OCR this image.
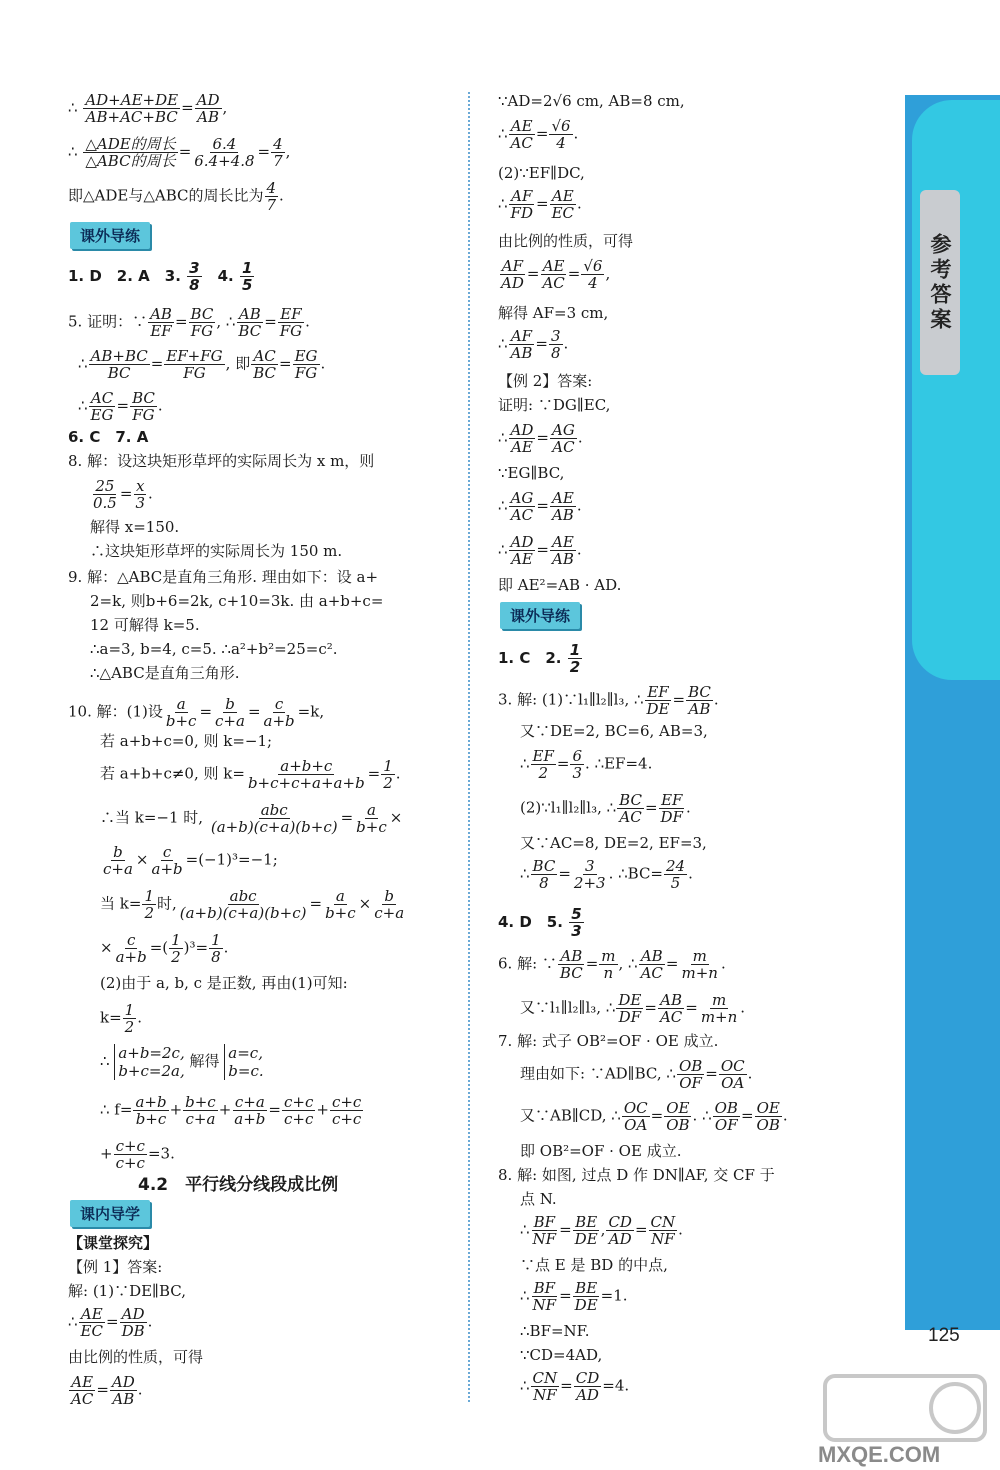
参考答案
125
∴ $\frac{AD+AE+DE}{AB+AC+BC} = \frac{AD}{AB}$ ,
∴ $\frac{\text{△ADE的周长}}{\text{△ABC的周长}} = \frac{6.4}{6.4+4.8} = \frac{4}{7}$ ,
即△ADE与△ABC的周长比为 $\frac{4}{7}$ .
课外导练
1. D　2. A　3. $\frac{3}{8}$ 　4. $\frac{1}{5}$
5. 证明：∵ $\frac{AB}{EF} = \frac{BC}{FG}$ , ∴ $\frac{AB}{BC} = \frac{EF}{FG}$ .
∴ $\frac{AB+BC}{BC} = \frac{EF+FG}{FG}$ , 即 $\frac{AC}{BC} = \frac{EG}{FG}$ .
∴ $\frac{AC}{EG} = \frac{BC}{FG}$ .
6. C　7. A
8. 解：设这块矩形草坪的实际周长为 x m，则
$\frac{25}{0.5} = \frac{x}{3}$ .
解得 x=150.
∴这块矩形草坪的实际周长为 150 m.
9. 解：△ABC是直角三角形. 理由如下：设 a+
2=k, 则b+6=2k, c+10=3k. 由 a+b+c=
12 可解得 k=5.
∴a=3, b=4, c=5. ∴a²+b²=25=c².
∴△ABC是直角三角形.
10. 解：(1)设 $\frac{a}{b+c} = \frac{b}{c+a} = \frac{c}{a+b} =k$,
若 a+b+c=0, 则 k=−1;
若 a+b+c≠0, 则 $k= \frac{a+b+c}{b+c+c+a+a+b} = \frac{1}{2}$ .
∴当 k=−1 时, $\frac{\text{abc}}{(a+b)(c+a)(b+c)} = \frac{a}{b+c}$ ×
$\frac{b}{c+a} \times \frac{c}{a+b} =(-1)^3=-1$;
当 $k= \frac{1}{2}$ 时, $\frac{\text{abc}}{(a+b)(c+a)(b+c)} = \frac{a}{b+c} \times \frac{b}{c+a}$
× $\frac{c}{a+b}$ =( $\frac{1}{2} )^3= \frac{1}{8}$ .
(2)由于 a, b, c 是正数, 再由(1)可知:
$k= \frac{1}{2}$ .
∴ a+b=2c,
b+c=2a,
解得 a=c,
b=c.
∴ $f= \frac{a+b}{b+c} + \frac{b+c}{c+a} + \frac{c+a}{a+b} = \frac{c+c}{c+c} + \frac{c+c}{c+c}$
+ $\frac{c+c}{c+c} =3$.
课内导学
【课堂探究】
【例 1】答案:
解: (1)∵DE∥BC,
∴ $\frac{AE}{EC} = \frac{AD}{DB}$ .
由比例的性质，可得
$\frac{AE}{AC} = \frac{AD}{AB}$ .
4.2　平行线分线段成比例
∵AD=2√6 cm, AB=8 cm,
∴ $\frac{AE}{AC} = \frac{√6}{4}$ .
(2)∵EF∥DC,
∴ $\frac{AF}{FD} = \frac{AE}{EC}$ .
由比例的性质，可得
$\frac{AF}{AD} = \frac{AE}{AC} = \frac{√6}{4}$ ,
解得 AF=3 cm,
∴ $\frac{AF}{AB} = \frac{3}{8}$ .
【例 2】答案:
证明: ∵DG∥EC,
∴ $\frac{AD}{AE} = \frac{AG}{AC}$ .
∵EG∥BC,
∴ $\frac{AG}{AC} = \frac{AE}{AB}$ .
∴ $\frac{AD}{AE} = \frac{AE}{AB}$ .
即 AE²=AB · AD.
课外导练
1. C　2. $\frac{1}{2}$
3. 解: (1)∵l₁∥l₂∥l₃, ∴ $\frac{EF}{DE} = \frac{BC}{AB}$ .
又∵DE=2, BC=6, AB=3,
∴ $\frac{EF}{2} = \frac{6}{3}$ . ∴EF=4.
(2)∵l₁∥l₂∥l₃, ∴ $\frac{BC}{AC} = \frac{EF}{DF}$ .
又∵AC=8, DE=2, EF=3,
∴ $\frac{BC}{8} = \frac{3}{2+3}$ . ∴BC= $\frac{24}{5}$ .
4. D　5. $\frac{5}{3}$
6. 解: ∵ $\frac{AB}{BC} = \frac{m}{n}$ , ∴ $\frac{AB}{AC} = \frac{m}{m+n}$ .
又∵l₁∥l₂∥l₃, ∴ $\frac{DE}{DF} = \frac{AB}{AC} = \frac{m}{m+n}$ .
7. 解: 式子 OB²=OF · OE 成立.
理由如下: ∵AD∥BC, ∴ $\frac{OB}{OF} = \frac{OC}{OA}$ .
又∵AB∥CD, ∴ $\frac{OC}{OA} = \frac{OE}{OB}$ . ∴ $\frac{OB}{OF} = \frac{OE}{OB}$ .
即 OB²=OF · OE 成立.
8. 解: 如图, 过点 D 作 DN∥AF, 交 CF 于
点 N.
∴ $\frac{BF}{NF} = \frac{BE}{DE}$ , $\frac{CD}{AD} = \frac{CN}{NF}$ .
∵点 E 是 BD 的中点,
∴ $\frac{BF}{NF} = \frac{BE}{DE} =1$.
∴BF=NF.
∵CD=4AD,
∴ $\frac{CN}{NF} = \frac{CD}{AD} =4$.
MXQE.COM
